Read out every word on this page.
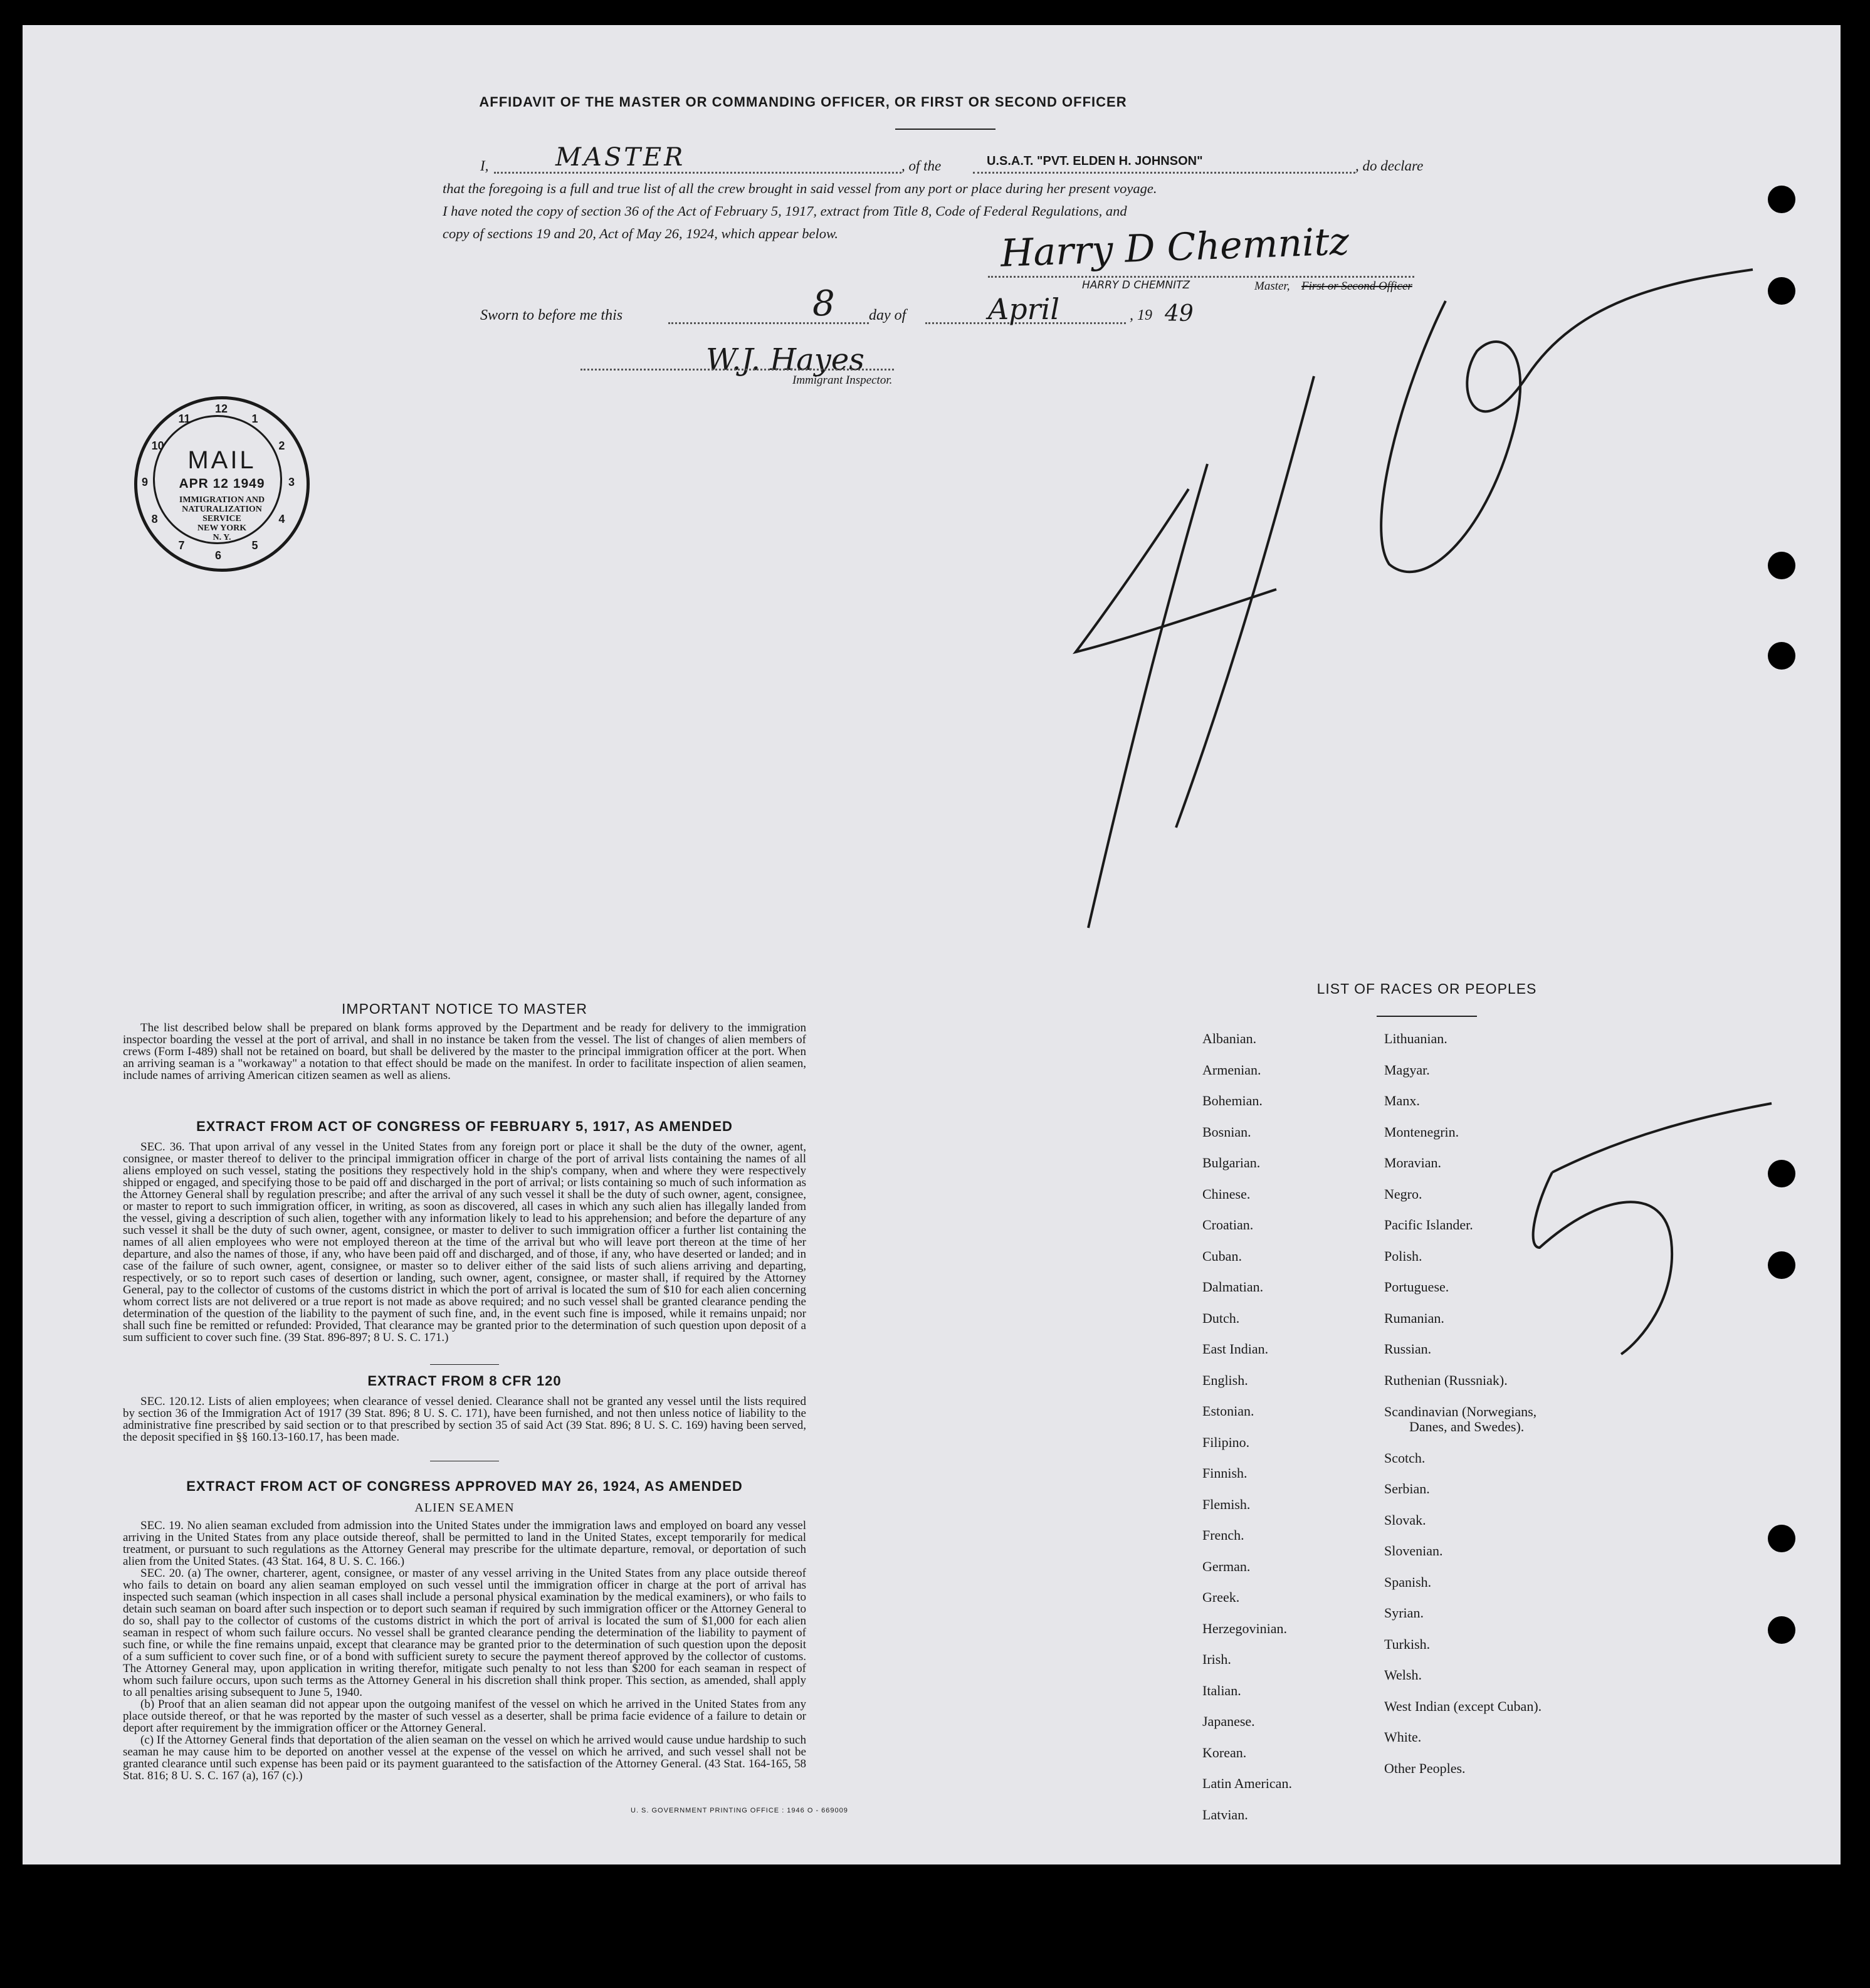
AFFIDAVIT OF THE MASTER OR COMMANDING OFFICER, OR FIRST OR SECOND OFFICER
I,	MASTER	, of the	U.S.A.T. "PVT. ELDEN H. JOHNSON"	, do declare
that the foregoing is a full and true list of all the crew brought in said vessel from any port or place during her present voyage.
I have noted the copy of section 36 of the Act of February 5, 1917, extract from Title 8, Code of Federal Regulations, and
copy of sections 19 and 20, Act of May 26, 1924, which appear below.	Harry D Chemnitz
HARRY D CHEMNITZ	Master, First or Second Officer
Sworn to before me this	8 day of	April	, 19 49
W.J. Hayes
Immigrant Inspector.
MAIL
APR 12 1949
IMMIGRATION AND
NATURALIZATION
SERVICE
NEW YORK
N. Y.
1
2
3
4
5
6
7
8
9
10
11
12
IMPORTANT NOTICE TO MASTER

The list described below shall be prepared on blank forms approved by the Department and be ready for delivery to the immigration inspector boarding the vessel at the port of arrival, and shall in no instance be taken from the vessel. The list of changes of alien members of crews (Form I-489) shall not be retained on board, but shall be delivered by the master to the principal immigration officer at the port. When an arriving seaman is a "workaway" a notation to that effect should be made on the manifest. In order to facilitate inspection of alien seamen, include names of arriving American citizen seamen as well as aliens.

EXTRACT FROM ACT OF CONGRESS OF FEBRUARY 5, 1917, AS AMENDED

SEC. 36. That upon arrival of any vessel in the United States from any foreign port or place it shall be the duty of the owner, agent, consignee, or master thereof to deliver to the principal immigration officer in charge of the port of arrival lists containing the names of all aliens employed on such vessel, stating the positions they respectively hold in the ship's company, when and where they were respectively shipped or engaged, and specifying those to be paid off and discharged in the port of arrival; or lists containing so much of such information as the Attorney General shall by regulation prescribe; and after the arrival of any such vessel it shall be the duty of such owner, agent, consignee, or master to report to such immigration officer, in writing, as soon as discovered, all cases in which any such alien has illegally landed from the vessel, giving a description of such alien, together with any information likely to lead to his apprehension; and before the departure of any such vessel it shall be the duty of such owner, agent, consignee, or master to deliver to such immigration officer a further list containing the names of all alien employees who were not employed thereon at the time of the arrival but who will leave port thereon at the time of her departure, and also the names of those, if any, who have been paid off and discharged, and of those, if any, who have deserted or landed; and in case of the failure of such owner, agent, consignee, or master so to deliver either of the said lists of such aliens arriving and departing, respectively, or so to report such cases of desertion or landing, such owner, agent, consignee, or master shall, if required by the Attorney General, pay to the collector of customs of the customs district in which the port of arrival is located the sum of $10 for each alien concerning whom correct lists are not delivered or a true report is not made as above required; and no such vessel shall be granted clearance pending the determination of the question of the liability to the payment of such fine, and, in the event such fine is imposed, while it remains unpaid; nor shall such fine be remitted or refunded: Provided, That clearance may be granted prior to the determination of such question upon deposit of a sum sufficient to cover such fine. (39 Stat. 896-897; 8 U. S. C. 171.)

EXTRACT FROM 8 CFR 120

SEC. 120.12. Lists of alien employees; when clearance of vessel denied. Clearance shall not be granted any vessel until the lists required by section 36 of the Immigration Act of 1917 (39 Stat. 896; 8 U. S. C. 171), have been furnished, and not then unless notice of liability to the administrative fine prescribed by said section or to that prescribed by section 35 of said Act (39 Stat. 896; 8 U. S. C. 169) having been served, the deposit specified in §§ 160.13-160.17, has been made.

EXTRACT FROM ACT OF CONGRESS APPROVED MAY 26, 1924, AS AMENDED
ALIEN SEAMEN

SEC. 19. No alien seaman excluded from admission into the United States under the immigration laws and employed on board any vessel arriving in the United States from any place outside thereof, shall be permitted to land in the United States, except temporarily for medical treatment, or pursuant to such regulations as the Attorney General may prescribe for the ultimate departure, removal, or deportation of such alien from the United States. (43 Stat. 164, 8 U. S. C. 166.)

SEC. 20. (a) The owner, charterer, agent, consignee, or master of any vessel arriving in the United States from any place outside thereof who fails to detain on board any alien seaman employed on such vessel until the immigration officer in charge at the port of arrival has inspected such seaman (which inspection in all cases shall include a personal physical examination by the medical examiners), or who fails to detain such seaman on board after such inspection or to deport such seaman if required by such immigration officer or the Attorney General to do so, shall pay to the collector of customs of the customs district in which the port of arrival is located the sum of $1,000 for each alien seaman in respect of whom such failure occurs. No vessel shall be granted clearance pending the determination of the liability to payment of such fine, or while the fine remains unpaid, except that clearance may be granted prior to the determination of such question upon the deposit of a sum sufficient to cover such fine, or of a bond with sufficient surety to secure the payment thereof approved by the collector of customs. The Attorney General may, upon application in writing therefor, mitigate such penalty to not less than $200 for each seaman in respect of whom such failure occurs, upon such terms as the Attorney General in his discretion shall think proper. This section, as amended, shall apply to all penalties arising subsequent to June 5, 1940.

(b) Proof that an alien seaman did not appear upon the outgoing manifest of the vessel on which he arrived in the United States from any place outside thereof, or that he was reported by the master of such vessel as a deserter, shall be prima facie evidence of a failure to detain or deport after requirement by the immigration officer or the Attorney General.

(c) If the Attorney General finds that deportation of the alien seaman on the vessel on which he arrived would cause undue hardship to such seaman he may cause him to be deported on another vessel at the expense of the vessel on which he arrived, and such vessel shall not be granted clearance until such expense has been paid or its payment guaranteed to the satisfaction of the Attorney General. (43 Stat. 164-165, 58 Stat. 816; 8 U. S. C. 167 (a), 167 (c).)

U. S. GOVERNMENT PRINTING OFFICE : 1946 O - 669009
LIST OF RACES OR PEOPLES
Albanian.
Armenian.
Bohemian.
Bosnian.
Bulgarian.
Chinese.
Croatian.
Cuban.
Dalmatian.
Dutch.
East Indian.
English.
Estonian.
Filipino.
Finnish.
Flemish.
French.
German.
Greek.
Herzegovinian.
Irish.
Italian.
Japanese.
Korean.
Latin American.
Latvian.
Lithuanian.
Magyar.
Manx.
Montenegrin.
Moravian.
Negro.
Pacific Islander.
Polish.
Portuguese.
Rumanian.
Russian.
Ruthenian (Russniak).
Scandinavian (Norwegians,
Danes, and Swedes).
Scotch.
Serbian.
Slovak.
Slovenian.
Spanish.
Syrian.
Turkish.
Welsh.
West Indian (except Cuban).
White.
Other Peoples.
